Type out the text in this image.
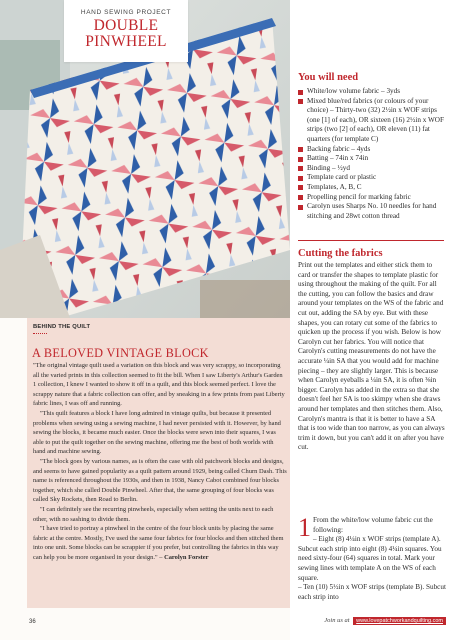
HAND SEWING PROJECT
DOUBLE
PINWHEEL
You will need
White/low volume fabric – 3yds
Mixed blue/red fabrics (or colours of your choice) – Thirty-two (32) 2½in x WOF strips (one [1] of each), OR sixteen (16) 2½in x WOF strips (two [2] of each), OR eleven (11) fat quarters (for template C)
Backing fabric – 4yds
Batting – 74in x 74in
Binding – ½yd
Template card or plastic
Templates, A, B, C
Propelling pencil for marking fabric
Carolyn uses Sharps No. 10 needles for hand stitching and 28wt cotton thread
Cutting the fabrics

Print out the templates and either stick them to card or transfer the shapes to template plastic for using throughout the making of the quilt. For all the cutting, you can follow the basics and draw around your templates on the WS of the fabric and cut out, adding the SA by eye. But with these shapes, you can rotary cut some of the fabrics to quicken up the process if you wish. Below is how Carolyn cut her fabrics. You will notice that Carolyn's cutting measurements do not have the accurate ¼in SA that you would add for machine piecing – they are slightly larger. This is because when Carolyn eyeballs a ¼in SA, it is often ⅜in bigger. Carolyn has added in the extra so that she doesn't feel her SA is too skimpy when she draws around her templates and then stitches them. Also, Carolyn's mantra is that it is better to have a SA that is too wide than too narrow, as you can always trim it down, but you can't add it on after you have cut.

1 From the white/low volume fabric cut the following:

– Eight (8) 4¼in x WOF strips (template A). Subcut each strip into eight (8) 4¼in squares. You need sixty-four (64) squares in total. Mark your sewing lines with template A on the WS of each square.

– Ten (10) 5½in x WOF strips (template B). Subcut each strip into

BEHIND THE QUILT
A BELOVED VINTAGE BLOCK

"The original vintage quilt used a variation on this block and was very scrappy, so incorporating all the varied prints in this collection seemed to fit the bill. When I saw Liberty's Arthur's Garden 1 collection, I knew I wanted to show it off in a quilt, and this block seemed perfect. I love the scrappy nature that a fabric collection can offer, and by sneaking in a few prints from past Liberty fabric lines, I was off and running.

"This quilt features a block I have long admired in vintage quilts, but because it presented problems when sewing using a sewing machine, I had never persisted with it. However, by hand sewing the blocks, it became much easier. Once the blocks were sewn into their squares, I was able to put the quilt together on the sewing machine, offering me the best of both worlds with hand and machine sewing.

"The block goes by various names, as is often the case with old patchwork blocks and designs, and seems to have gained popularity as a quilt pattern around 1929, being called Churn Dash. This name is referenced throughout the 1930s, and then in 1938, Nancy Cabot combined four blocks together, which she called Double Pinwheel. After that, the same grouping of four blocks was called Sky Rockets, then Road to Berlin.

"I can definitely see the recurring pinwheels, especially when setting the units next to each other, with no sashing to divide them.

"I have tried to portray a pinwheel in the centre of the four block units by placing the same fabric at the centre. Mostly, I've used the same four fabrics for four blocks and then stitched them into one unit. Some blocks can be scrappier if you prefer, but controlling the fabrics in this way can help you be more organised in your design." – Carolyn Forster

36	Join us at www.lovepatchworkandquilting.com
